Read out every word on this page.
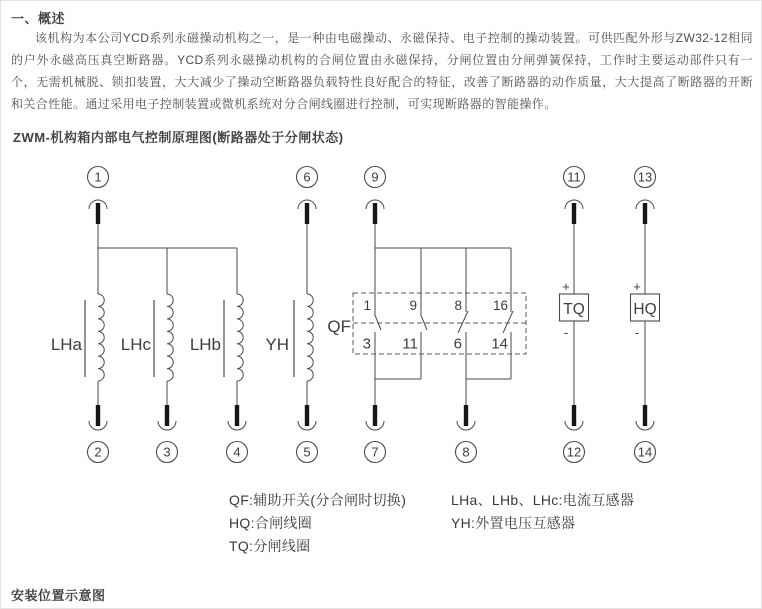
一、概述
该机构为本公司YCD系列永磁操动机构之一，是一种由电磁操动、永磁保持、电子控制的操动装置。可供匹配外形与ZW32-12相同的户外永磁高压真空断路器。YCD系列永磁操动机构的合闸位置由永磁保持，分闸位置由分闸弹簧保持，工作时主要运动部件只有一个，无需机械脱、锁扣装置，大大减少了操动空断路器负载特性良好配合的特征，改善了断路器的动作质量，大大提高了断路器的开断和关合性能。通过采用电子控制装置或微机系统对分合闸线圈进行控制，可实现断路器的智能操作。
ZWM-机构箱内部电气控制原理图(断路器处于分闸状态)
1	6	9	11	13
2	3	4	5	7	8	12	14
LHa LHc LHb	YH
QF
1
3
9
11
8
6
16
14
+
TQ
-
+
HQ
-
QF:辅助开关(分合闸时切换)
HQ:合闸线圈
TQ:分闸线圈
LHa、LHb、LHc:电流互感器
YH:外置电压互感器
安装位置示意图
